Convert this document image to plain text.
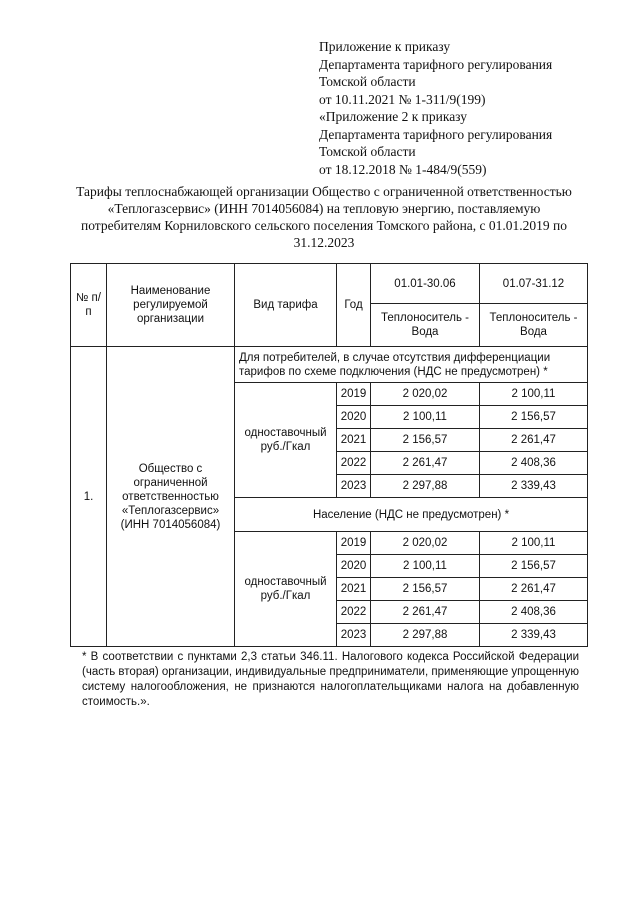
Приложение к приказу
Департамента тарифного регулирования
Томской области
от 10.11.2021 № 1-311/9(199)
«Приложение 2 к приказу
Департамента тарифного регулирования
Томской области
от 18.12.2018 № 1-484/9(559)
Тарифы теплоснабжающей организации Общество с ограниченной ответственностью
«Теплогазсервис» (ИНН 7014056084) на тепловую энергию, поставляемую
потребителям Корниловского сельского поселения Томского района, с 01.01.2019 по
31.12.2023
№ п/п	Наименование регулируемой организации	Вид тарифа	Год	01.01-30.06	01.07-31.12
				Теплоноситель - Вода	Теплоноситель - Вода
1.	Общество с ограниченной ответственностью «Теплогазсервис» (ИНН 7014056084)	Для потребителей, в случае отсутствия дифференциации тарифов по схеме подключения (НДС не предусмотрен) *			
		одноставочный руб./Гкал	2019	2 020,02	2 100,11
			2020	2 100,11	2 156,57
			2021	2 156,57	2 261,47
			2022	2 261,47	2 408,36
			2023	2 297,88	2 339,43
		Население (НДС не предусмотрен) *			
		одноставочный руб./Гкал	2019	2 020,02	2 100,11
			2020	2 100,11	2 156,57
			2021	2 156,57	2 261,47
			2022	2 261,47	2 408,36
			2023	2 297,88	2 339,43
* В соответствии с пунктами 2,3 статьи 346.11. Налогового кодекса Российской Федерации (часть вторая) организации, индивидуальные предприниматели, применяющие упрощенную систему налогообложения, не признаются налогоплательщиками налога на добавленную стоимость.».
